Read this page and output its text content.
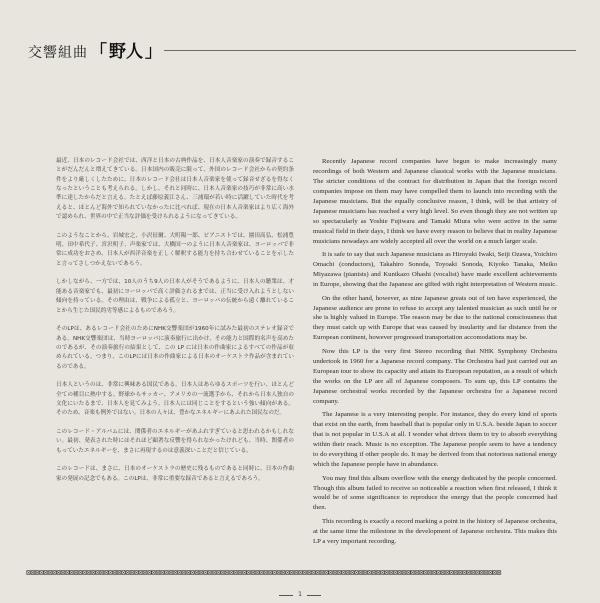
交響組曲 「 野人 」

最近、日本のレコード会社では、西洋と日本の古典作品を、日本人音楽家の演奏で録音することがだんだんと増えてきている。日本国内の販売に限って、外国のレコード会社からの契約条件をより厳しくしたために、日本のレコード会社は日本人音楽家を使って録音せざるを得なくなったということも考えられる。しかし、それと同時に、日本人音楽家の技巧が非常に高い水準に達したからだと言える。たとえば藤原義江さん、三浦環が若い時に活躍していた時代を考えると、ほとんど海外で知られていなかったに比べれば、現在の日本人音楽家はより広く海外で認められ、世界の中で正当な評価を受けられるようになってきている。

このようなことから、岩城宏之、小沢征爾、大町陽一郎、ピアニストでは、園田高弘、松浦豊明、田中希代子、宮沢明子、声楽家では、大橋国一のように日本人音楽家は、ヨーロッパで非常に成功をおさめ、日本人が西洋音楽を正しく解釈する能力を持ち合わせていることを示したと言ってさしつかえないであろう。

しかしながら、一方では、10人のうち9人の日本人がそうであるように、日本人の聴衆は、才能ある音楽家でも、最初にヨーロッパで高く評価されるまでは、正当に受け入れようとしない傾向を持っている。その理由は、戦争による孤立と、ヨーロッパの伝統から遠く離れていることから生じた国民的劣等感によるものであろう。

そのLPは、あるレコード会社のためにNHK交響楽団が1960年に試みた最初のステレオ録音である。NHK交響楽団は、当時ヨーロッパに演奏旅行に出かけ、その能力と国際的名声を高めたのであるが、その演奏旅行の結果として、この LP には日本の作曲家によるすべての作品が収められている。つまり、このLPには日本の作曲家による日本のオーケストラ作品が含まれているのである。

日本人というのは、非常に興味ある国民である。日本人はあらゆるスポーツを行い、ほとんど全ての種目に熱中する。野球からサッカー、アメリカの一流選手から、それから日本人独自の文化にいたるまで、日本人を見てみよう。日本人には同じことをするという強い傾向がある。そのため、音楽も例外ではない。日本の人々は、豊かなエネルギーにあふれた国民なのだ。

このレコード・アルバムには、関係者のエネルギーがあふれすぎていると思われるかもしれない。最初、発表された時にはそれほど顕著な反響を得られなかったけれども、当時、関係者のもっていたエネルギーを、まさに再現するのは意義深いことだと信じている。

このレコードは、まさに、日本のオーケストラの歴史に残るものであると同時に、日本の作曲家の発展の記念でもある。このLPは、非常に重要な録音であると言えるであろう。

Recently Japanese record companies have begun to make increasingly many recordings of both Western and Japanese classical works with the Japanese musicians. The stricter conditions of the contract for distribution in Japan that the foreign record companies impose on them may have compelled them to launch into recording with the Japanese musicians. But the equally conclusive reason, I think, will be that artistry of Japanese musicians has reached a very high level. So even though they are not written up so spectacularly as Yoshie Fujiwara and Tamaki Miura who were active in the same musical field in their days, I think we have every reason to believe that in reality Japanese musicians nowadays are widely accepted all over the world on a much larger scale.

It is safe to say that such Japanese musicians as Hiroyuki Iwaki, Seiji Ozawa, Yoichiro Omachi (conductors), Takahiro Sonoda, Toyoaki Sonoda, Kiyoko Tanaka, Meiko Miyazawa (pianists) and Kunikazo Ohashi (vocalist) have made excellent achievements in Europe, showing that the Japanese are gifted with right interpretation of Western music.

On the other hand, however, as nine Japanese greats out of ten have experienced, the Japanese audience are prone to refuse to accept any talented musician as such until he or she is highly valued in Europe. The reason may be due to the national consciousness that they must catch up with Europe that was caused by insularity and far distance from the European continent, however progressed transportation accomodations may be.

Now this LP is the very first Stereo recording that NHK Symphony Orchestra undertook in 1960 for a Japanese record company. The Orchestra had just carried out an European tour to show its capacity and attain its European reputation, as a result of which the works on the LP are all of Japanese composers. To sum up, this LP contains the Japanese orchestral works recorded by the Japanese orchestra for a Japanese record company.

The Japanese is a very interesting people. For instance, they do every kind of sports that exist on the earth, from baseball that is popular only in U.S.A. beside Japan to soccer that is not popular in U.S.A at all. I wonder what drives them to try to absorb everything within their reach. Music is no exception. The Japanese people seem to have a tendency to do everything if other people do. It may be derived from that notorious national energy which the Japanese people have in abundance.

You may find this album overflow with the energy dedicated by the people concerned. Though this album failed to receive so noticeable a reaction when first released, I think it would be of some significance to reproduce the energy that the people concerned had then.

This recording is exactly a record marking a point in the history of Japanese orchestra, at the same time the milestone in the development of Japanese orchestra. This makes this LP a very important recording.

⊠⊠⊠⊠⊠⊠⊠⊠⊠⊠⊠⊠⊠⊠⊠⊠⊠⊠⊠⊠⊠⊠⊠⊠⊠⊠⊠⊠⊠⊠⊠⊠⊠⊠⊠⊠⊠⊠⊠⊠⊠⊠⊠⊠⊠⊠⊠⊠⊠⊠⊠⊠⊠⊠⊠⊠⊠⊠⊠⊠⊠⊠⊠⊠⊠⊠⊠⊠⊠⊠⊠⊠⊠⊠⊠⊠⊠⊠⊠⊠⊠⊠⊠⊠⊠⊠⊠⊠⊠⊠⊠⊠⊠⊠⊠⊠⊠⊠⊠⊠⊠⊠⊠⊠⊠⊠⊠⊠⊠⊠
1
